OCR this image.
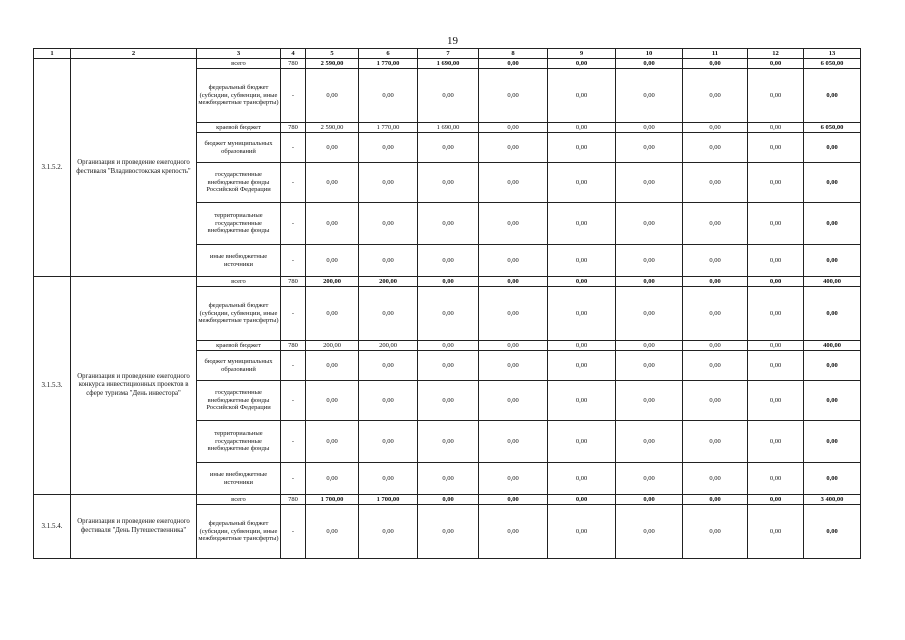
19
1	2	3	4	5	6	7	8	9	10	11	12	13
3.1.5.2.	Организация и проведение ежегодного фестиваля "Владивостокская крепость"	всего	780	2 590,00	1 770,00	1 690,00	0,00	0,00	0,00	0,00	0,00	6 050,00
		федеральный бюджет (субсидии, субвенции, иные межбюджетные трансферты)	-	0,00	0,00	0,00	0,00	0,00	0,00	0,00	0,00	0,00
		краевой бюджет	780	2 590,00	1 770,00	1 690,00	0,00	0,00	0,00	0,00	0,00	6 050,00
		бюджет муниципальных образований	-	0,00	0,00	0,00	0,00	0,00	0,00	0,00	0,00	0,00
		государственные внебюджетные фонды Российской Федерации	-	0,00	0,00	0,00	0,00	0,00	0,00	0,00	0,00	0,00
		территориальные государственные внебюджетные фонды	-	0,00	0,00	0,00	0,00	0,00	0,00	0,00	0,00	0,00
		иные внебюджетные источники	-	0,00	0,00	0,00	0,00	0,00	0,00	0,00	0,00	0,00
3.1.5.3.	Организация и проведение ежегодного конкурса инвестиционных проектов в сфере туризма "День инвестора"	всего	780	200,00	200,00	0,00	0,00	0,00	0,00	0,00	0,00	400,00
		федеральный бюджет (субсидии, субвенции, иные межбюджетные трансферты)	-	0,00	0,00	0,00	0,00	0,00	0,00	0,00	0,00	0,00
		краевой бюджет	780	200,00	200,00	0,00	0,00	0,00	0,00	0,00	0,00	400,00
		бюджет муниципальных образований	-	0,00	0,00	0,00	0,00	0,00	0,00	0,00	0,00	0,00
		государственные внебюджетные фонды Российской Федерации	-	0,00	0,00	0,00	0,00	0,00	0,00	0,00	0,00	0,00
		территориальные государственные внебюджетные фонды	-	0,00	0,00	0,00	0,00	0,00	0,00	0,00	0,00	0,00
		иные внебюджетные источники	-	0,00	0,00	0,00	0,00	0,00	0,00	0,00	0,00	0,00
3.1.5.4.	Организация и проведение ежегодного фестиваля "День Путешественника"	всего	780	1 700,00	1 700,00	0,00	0,00	0,00	0,00	0,00	0,00	3 400,00
		федеральный бюджет (субсидии, субвенции, иные межбюджетные трансферты)	-	0,00	0,00	0,00	0,00	0,00	0,00	0,00	0,00	0,00
